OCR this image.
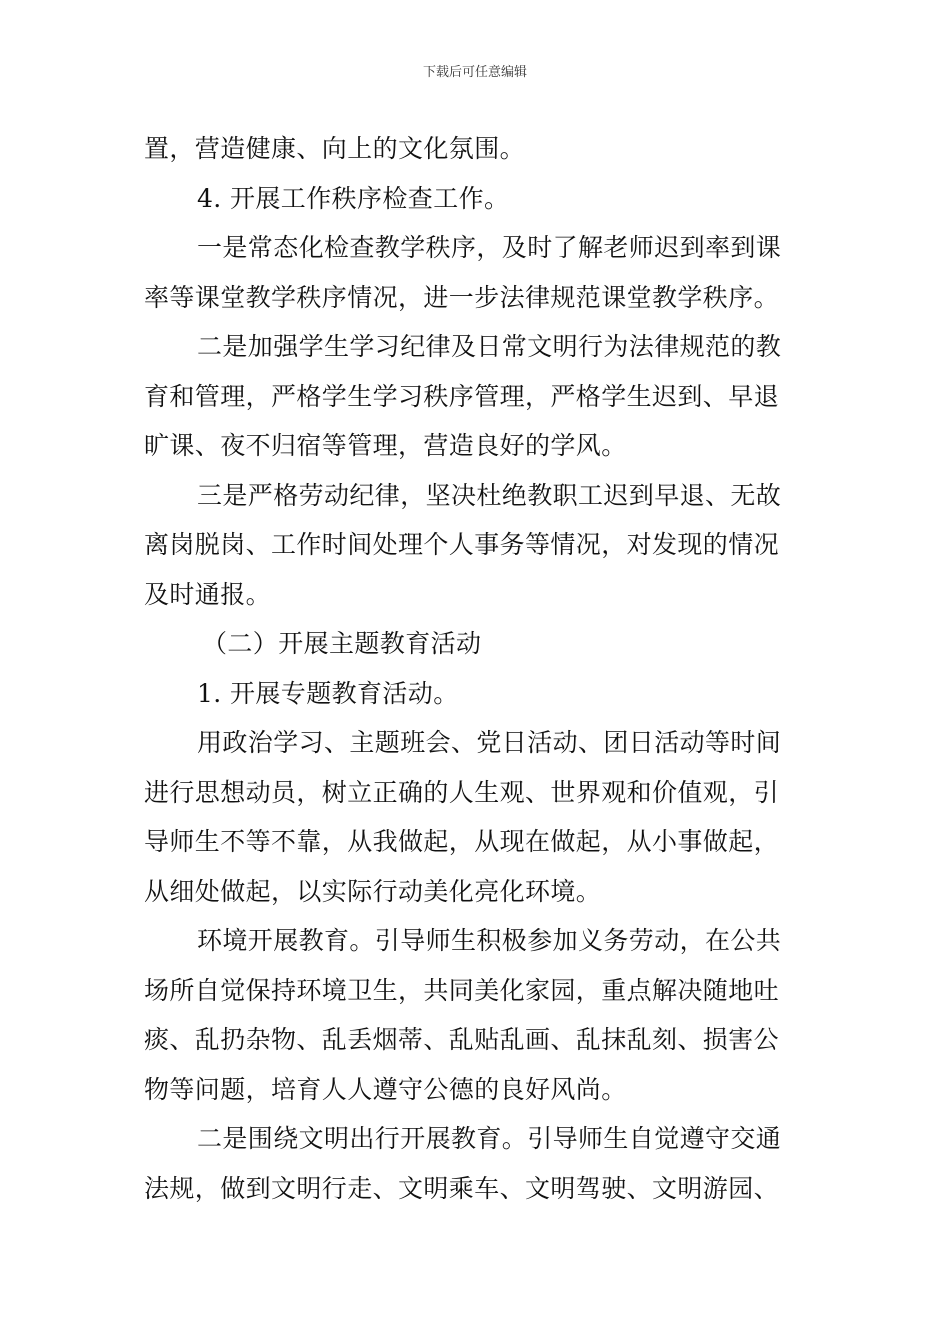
下载后可任意编辑
置，营造健康、向上的文化氛围。
4. 开展工作秩序检查工作。
一是常态化检查教学秩序，及时了解老师迟到率到课
率等课堂教学秩序情况，进一步法律规范课堂教学秩序。
二是加强学生学习纪律及日常文明行为法律规范的教
育和管理，严格学生学习秩序管理，严格学生迟到、早退
旷课、夜不归宿等管理，营造良好的学风。
三是严格劳动纪律，坚决杜绝教职工迟到早退、无故
离岗脱岗、工作时间处理个人事务等情况，对发现的情况
及时通报。
（二）开展主题教育活动
1. 开展专题教育活动。
用政治学习、主题班会、党日活动、团日活动等时间
进行思想动员，树立正确的人生观、世界观和价值观，引
导师生不等不靠，从我做起，从现在做起，从小事做起，
从细处做起，以实际行动美化亮化环境。
环境开展教育。引导师生积极参加义务劳动，在公共
场所自觉保持环境卫生，共同美化家园，重点解决随地吐
痰、乱扔杂物、乱丢烟蒂、乱贴乱画、乱抹乱刻、损害公
物等问题，培育人人遵守公德的良好风尚。
二是围绕文明出行开展教育。引导师生自觉遵守交通
法规，做到文明行走、文明乘车、文明驾驶、文明游园、
